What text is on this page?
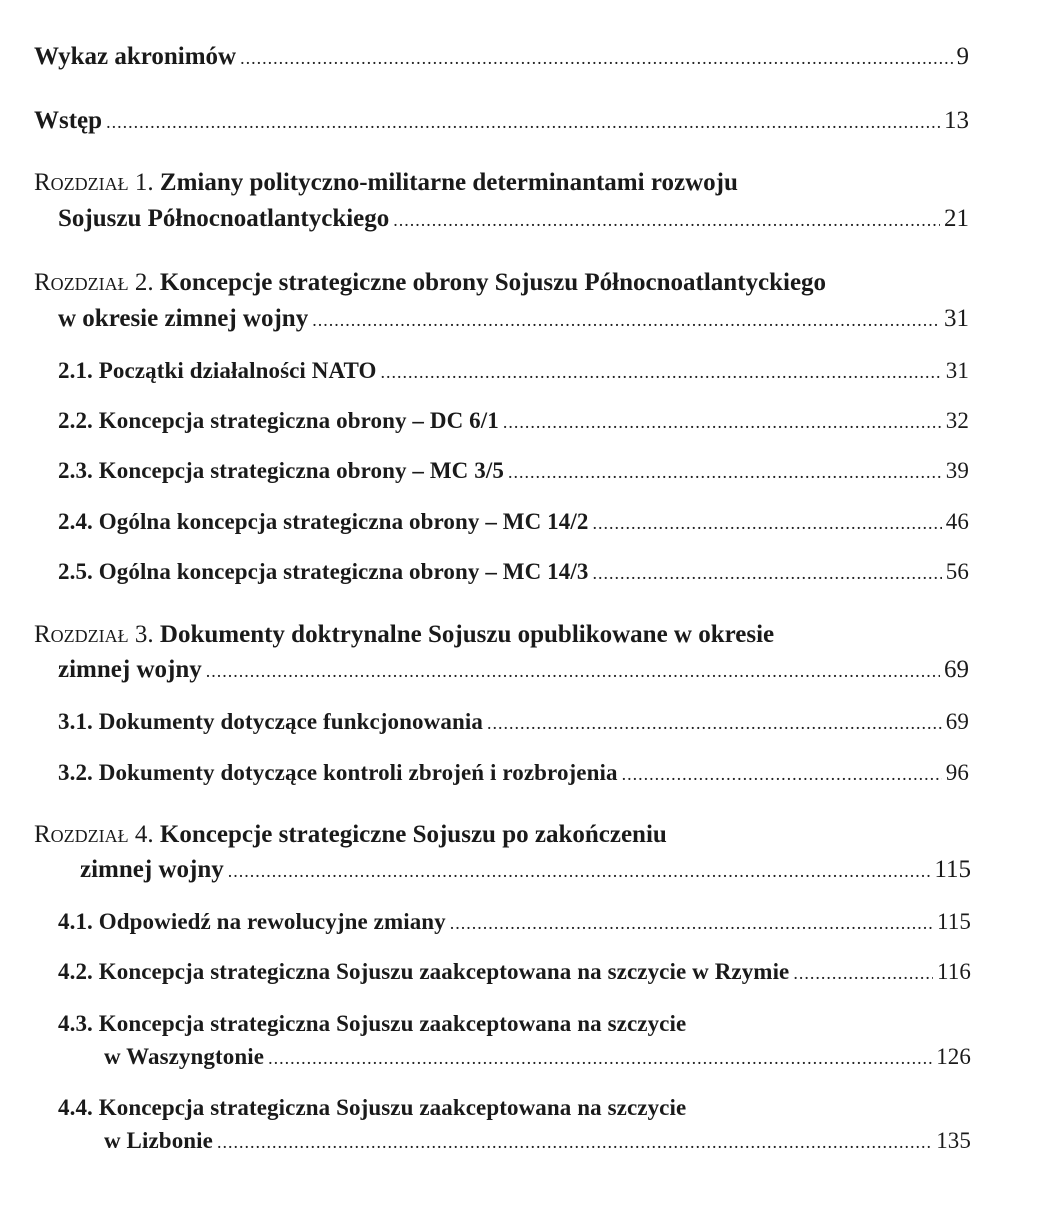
Wykaz akronimów .....	9
Wstęp .....	13
Rozdział 1. Zmiany polityczno-militarne determinantami rozwoju
Sojuszu Północnoatlantyckiego .....	21
Rozdział 2. Koncepcje strategiczne obrony Sojuszu Północnoatlantyckiego
w okresie zimnej wojny .....	31
2.1. Początki działalności NATO .....	31
2.2. Koncepcja strategiczna obrony – DC 6/1 .....	32
2.3. Koncepcja strategiczna obrony – MC 3/5 .....	39
2.4. Ogólna koncepcja strategiczna obrony – MC 14/2 .....	46
2.5. Ogólna koncepcja strategiczna obrony – MC 14/3 .....	56
Rozdział 3. Dokumenty doktrynalne Sojuszu opublikowane w okresie
zimnej wojny .....	69
3.1. Dokumenty dotyczące funkcjonowania .....	69
3.2. Dokumenty dotyczące kontroli zbrojeń i rozbrojenia .....	96
Rozdział 4. Koncepcje strategiczne Sojuszu po zakończeniu
zimnej wojny .....	115
4.1. Odpowiedź na rewolucyjne zmiany .....	115
4.2. Koncepcja strategiczna Sojuszu zaakceptowana na szczycie w Rzymie .....	116
4.3. Koncepcja strategiczna Sojuszu zaakceptowana na szczycie
w Waszyngtonie .....	126
4.4. Koncepcja strategiczna Sojuszu zaakceptowana na szczycie
w Lizbonie .....	135
